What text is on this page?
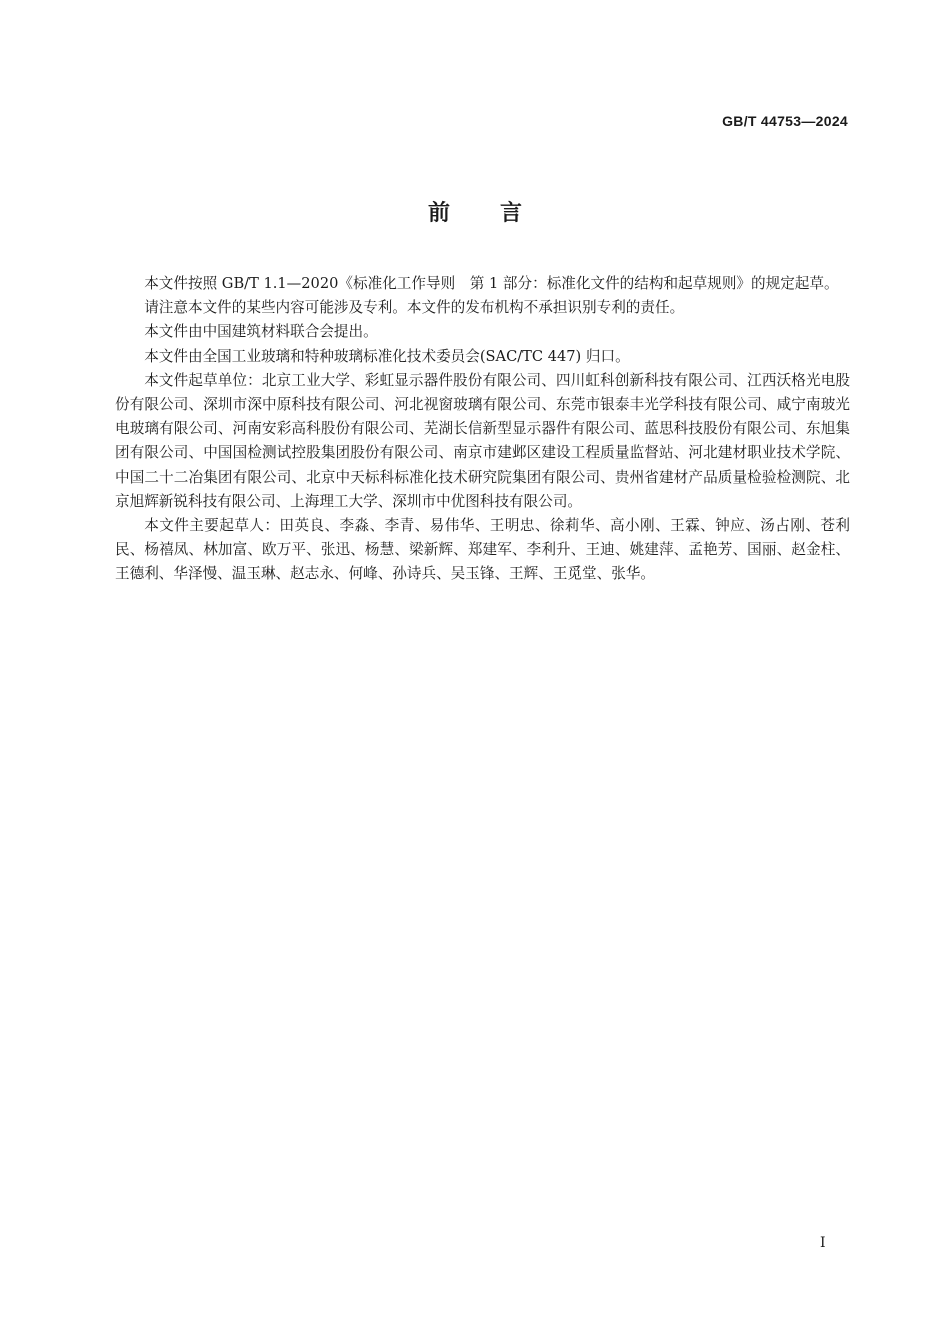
GB/T 44753—2024
前 言

本文件按照 GB/T 1.1—2020《标准化工作导则　第 1 部分：标准化文件的结构和起草规则》的规定起草。

请注意本文件的某些内容可能涉及专利。本文件的发布机构不承担识别专利的责任。

本文件由中国建筑材料联合会提出。

本文件由全国工业玻璃和特种玻璃标准化技术委员会(SAC/TC 447) 归口。

本文件起草单位：北京工业大学、彩虹显示器件股份有限公司、四川虹科创新科技有限公司、江西沃格光电股份有限公司、深圳市深中原科技有限公司、河北视窗玻璃有限公司、东莞市银泰丰光学科技有限公司、咸宁南玻光电玻璃有限公司、河南安彩高科股份有限公司、芜湖长信新型显示器件有限公司、蓝思科技股份有限公司、东旭集团有限公司、中国国检测试控股集团股份有限公司、南京市建邺区建设工程质量监督站、河北建材职业技术学院、中国二十二冶集团有限公司、北京中天标科标准化技术研究院集团有限公司、贵州省建材产品质量检验检测院、北京旭辉新锐科技有限公司、上海理工大学、深圳市中优图科技有限公司。

本文件主要起草人：田英良、李淼、李青、易伟华、王明忠、徐莉华、高小刚、王霖、钟应、汤占刚、苍利民、杨禧凤、林加富、欧万平、张迅、杨慧、梁新辉、郑建军、李利升、王迪、姚建萍、孟艳芳、国丽、赵金柱、王德利、华泽慢、温玉琳、赵志永、何峰、孙诗兵、吴玉锋、王辉、王觅堂、张华。

I
